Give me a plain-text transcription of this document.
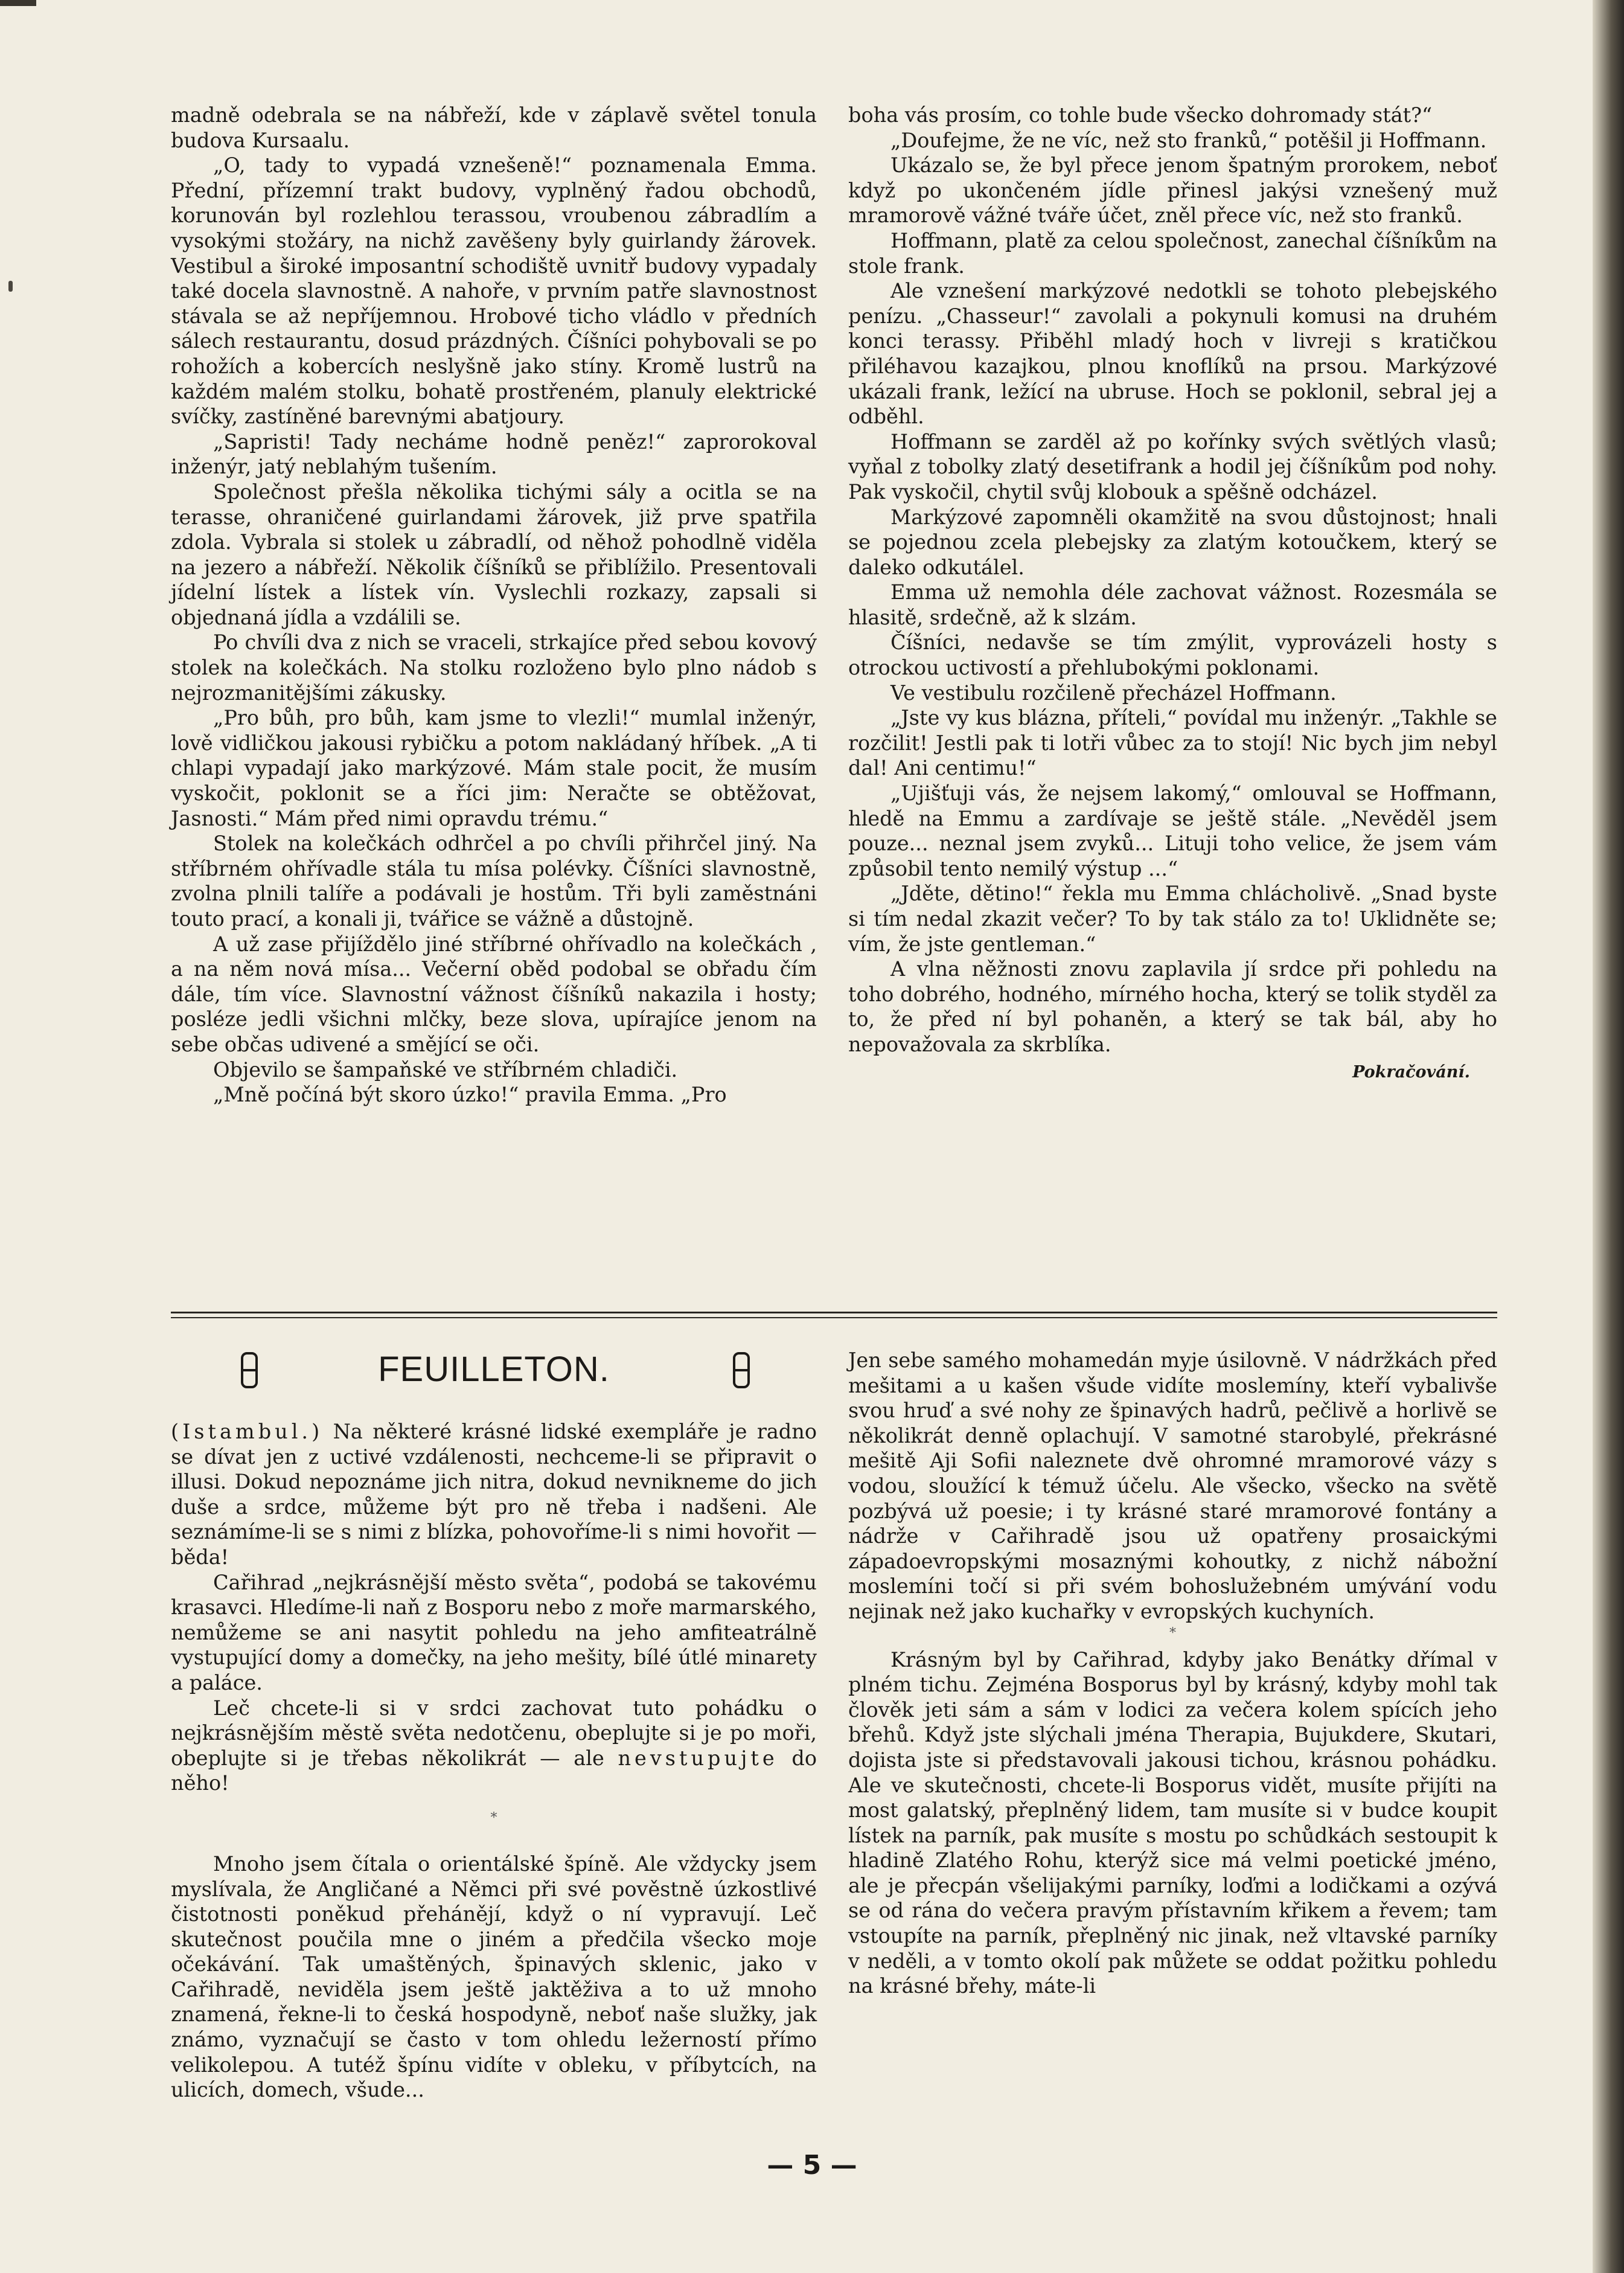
madně odebrala se na nábřeží, kde v záplavě světel tonula budova Kursaalu.

„O, tady to vypadá vznešeně!“ poznamenala Emma. Přední, přízemní trakt budovy, vyplněný řadou obchodů, korunován byl rozlehlou terassou, vroubenou zábradlím a vysokými stožáry, na nichž zavěšeny byly guirlandy žárovek. Vestibul a široké imposantní schodiště uvnitř budovy vypadaly také docela slavnostně. A nahoře, v prvním patře slavnostnost stávala se až nepříjemnou. Hrobové ticho vládlo v předních sálech restaurantu, dosud prázdných. Číšníci pohybovali se po rohožích a kobercích neslyšně jako stíny. Kromě lustrů na každém malém stolku, bohatě prostřeném, planuly elektrické svíčky, zastíněné barevnými abatjoury.

„Sapristi! Tady necháme hodně peněz!“ zaprorokoval inženýr, jatý neblahým tušením.

Společnost přešla několika tichými sály a ocitla se na terasse, ohraničené guirlandami žárovek, již prve spatřila zdola. Vybrala si stolek u zábradlí, od něhož pohodlně viděla na jezero a nábřeží. Několik číšníků se přiblížilo. Presentovali jídelní lístek a lístek vín. Vyslechli rozkazy, zapsali si objednaná jídla a vzdálili se.

Po chvíli dva z nich se vraceli, strkajíce před sebou kovový stolek na kolečkách. Na stolku rozloženo bylo plno nádob s nejrozmanitějšími zákusky.

„Pro bůh, pro bůh, kam jsme to vlezli!“ mumlal inženýr, lově vidličkou jakousi rybičku a potom nakládaný hříbek. „A ti chlapi vypadají jako markýzové. Mám stale pocit, že musím vyskočit, poklonit se a říci jim: Neračte se obtěžovat, Jasnosti.“ Mám před nimi opravdu trému.“

Stolek na kolečkách odhrčel a po chvíli přihrčel jiný. Na stříbrném ohřívadle stála tu mísa polévky. Číšníci slavnostně, zvolna plnili talíře a podávali je hostům. Tři byli zaměstnáni touto prací, a konali ji, tvářice se vážně a důstojně.

A už zase přijíždělo jiné stříbrné ohřívadlo na kolečkách , a na něm nová mísa... Večerní oběd podobal se obřadu čím dále, tím více. Slavnostní vážnost číšníků nakazila i hosty; posléze jedli všichni mlčky, beze slova, upírajíce jenom na sebe občas udivené a smějící se oči.

Objevilo se šampaňské ve stříbrném chladiči.

„Mně počíná být skoro úzko!“ pravila Emma. „Pro

boha vás prosím, co tohle bude všecko dohromady stát?“

„Doufejme, že ne víc, než sto franků,“ potěšil ji Hoffmann.

Ukázalo se, že byl přece jenom špatným prorokem, neboť když po ukončeném jídle přinesl jakýsi vznešený muž mramorově vážné tváře účet, zněl přece víc, než sto franků.

Hoffmann, platě za celou společnost, zanechal číšníkům na stole frank.

Ale vznešení markýzové nedotkli se tohoto plebejského penízu. „Chasseur!“ zavolali a pokynuli komusi na druhém konci terassy. Přiběhl mladý hoch v livreji s kratičkou přiléhavou kazajkou, plnou knoflíků na prsou. Markýzové ukázali frank, ležící na ubruse. Hoch se poklonil, sebral jej a odběhl.

Hoffmann se zarděl až po kořínky svých světlých vlasů; vyňal z tobolky zlatý desetifrank a hodil jej číšníkům pod nohy. Pak vyskočil, chytil svůj klobouk a spěšně odcházel.

Markýzové zapomněli okamžitě na svou důstojnost; hnali se pojednou zcela plebejsky za zlatým kotoučkem, který se daleko odkutálel.

Emma už nemohla déle zachovat vážnost. Rozesmála se hlasitě, srdečně, až k slzám.

Číšníci, nedavše se tím zmýlit, vyprovázeli hosty s otrockou uctivostí a přehlubokými poklonami.

Ve vestibulu rozčileně přecházel Hoffmann.

„Jste vy kus blázna, příteli,“ povídal mu inženýr. „Takhle se rozčilit! Jestli pak ti lotři vůbec za to stojí! Nic bych jim nebyl dal! Ani centimu!“

„Ujišťuji vás, že nejsem lakomý,“ omlouval se Hoffmann, hledě na Emmu a zardívaje se ještě stále. „Nevěděl jsem pouze... neznal jsem zvyků... Lituji toho velice, že jsem vám způsobil tento nemilý výstup ...“

„Jděte, dětino!“ řekla mu Emma chlácholivě. „Snad byste si tím nedal zkazit večer? To by tak stálo za to! Uklidněte se; vím, že jste gentleman.“

A vlna něžnosti znovu zaplavila jí srdce při pohledu na toho dobrého, hodného, mírného hocha, který se tolik styděl za to, že před ní byl pohaněn, a který se tak bál, aby ho nepovažovala za skrblíka.

Pokračování.
FEUILLETON.

(Istambul.) Na některé krásné lidské exempláře je radno se dívat jen z uctivé vzdálenosti, nechceme-li se připravit o illusi. Dokud nepoznáme jich nitra, dokud nevnikneme do jich duše a srdce, můžeme být pro ně třeba i nadšeni. Ale seznámíme-li se s nimi z blízka, pohovoříme-li s nimi hovořit — běda!

Cařihrad „nejkrásnější město světa“, podobá se takovému krasavci. Hledíme-li naň z Bosporu nebo z moře marmarského, nemůžeme se ani nasytit pohledu na jeho amfiteatrálně vystupující domy a domečky, na jeho mešity, bílé útlé minarety a paláce.

Leč chcete-li si v srdci zachovat tuto pohádku o nejkrásnějším městě světa nedotčenu, obeplujte si je po moři, obeplujte si je třebas několikrát — ale nevstupujte do něho!

*

Mnoho jsem čítala o orientálské špíně. Ale vždycky jsem myslívala, že Angličané a Němci při své pověstně úzkostlivé čistotnosti poněkud přehánějí, když o ní vypravují. Leč skutečnost poučila mne o jiném a předčila všecko moje očekávání. Tak umaštěných, špinavých sklenic, jako v Cařihradě, neviděla jsem ještě jaktěživa a to už mnoho znamená, řekne-li to česká hospodyně, neboť naše služky, jak známo, vyznačují se často v tom ohledu ležerností přímo velikolepou. A tutéž špínu vidíte v obleku, v příbytcích, na ulicích, domech, všude...

Jen sebe samého mohamedán myje úsilovně. V nádržkách před mešitami a u kašen všude vidíte moslemíny, kteří vybalivše svou hruď a své nohy ze špinavých hadrů, pečlivě a horlivě se několikrát denně oplachují. V samotné starobylé, překrásné mešitě Aji Sofii naleznete dvě ohromné mramorové vázy s vodou, sloužící k témuž účelu. Ale všecko, všecko na světě pozbývá už poesie; i ty krásné staré mramorové fontány a nádrže v Cařihradě jsou už opatřeny prosaickými západoevropskými mosaznými kohoutky, z nichž nábožní moslemíni točí si při svém bohoslužebném umývání vodu nejinak než jako kuchařky v evropských kuchyních.

*

Krásným byl by Cařihrad, kdyby jako Benátky dřímal v plném tichu. Zejména Bosporus byl by krásný, kdyby mohl tak člověk jeti sám a sám v lodici za večera kolem spících jeho břehů. Když jste slýchali jména Therapia, Bujukdere, Skutari, dojista jste si představovali jakousi tichou, krásnou pohádku. Ale ve skutečnosti, chcete-li Bosporus vidět, musíte přijíti na most galatský, přeplněný lidem, tam musíte si v budce koupit lístek na parník, pak musíte s mostu po schůdkách sestoupit k hladině Zlatého Rohu, kterýž sice má velmi poetické jméno, ale je přecpán všelijakými parníky, loďmi a lodičkami a ozývá se od rána do večera pravým přístavním křikem a řevem; tam vstoupíte na parník, přeplněný nic jinak, než vltavské parníky v neděli, a v tomto okolí pak můžete se oddat požitku pohledu na krásné břehy, máte-li

— 5 —
